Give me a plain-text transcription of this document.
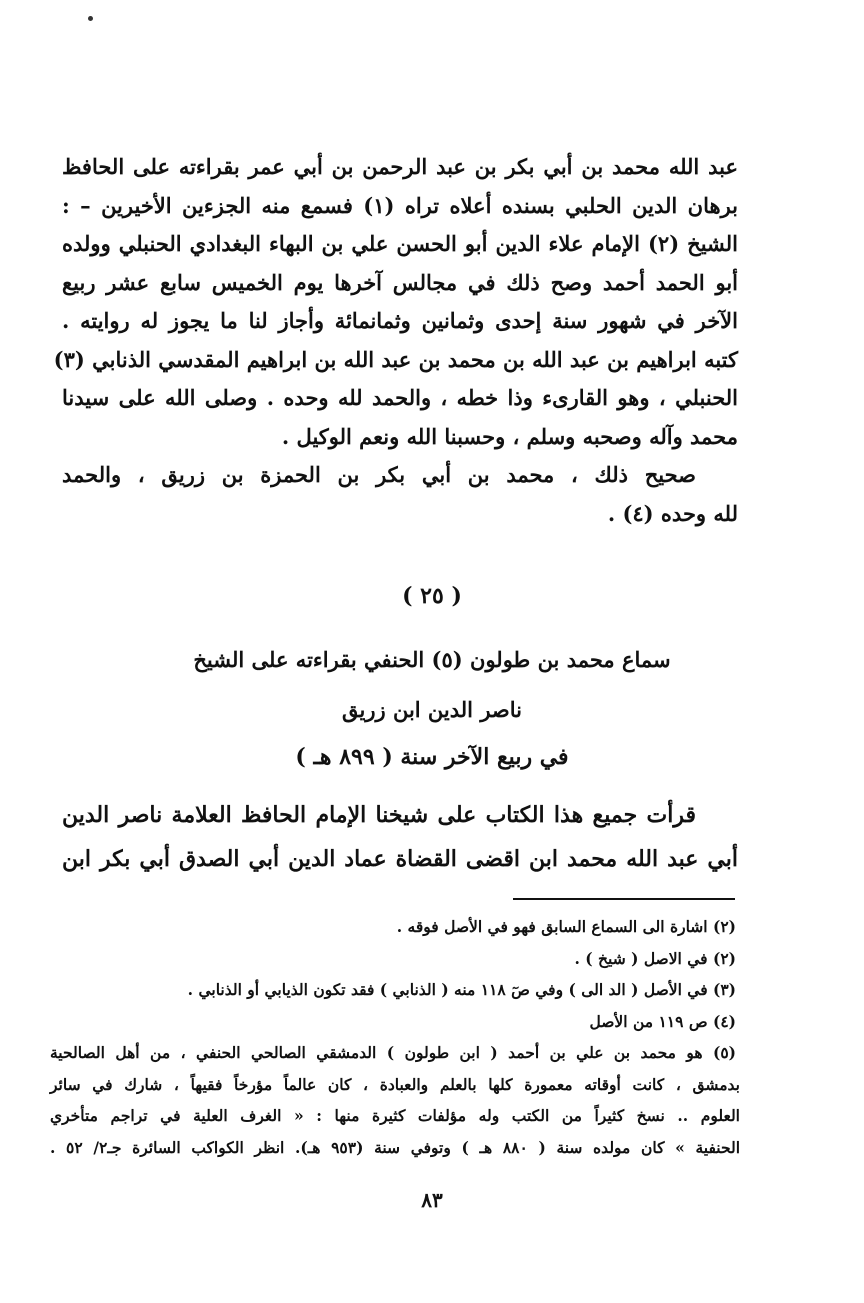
عبد الله محمد بن أبي بكر بن عبد الرحمن بن أبي عمر بقراءته على الحافظ
برهان الدين الحلبي بسنده أعلاه تراه (١) فسمع منه الجزءين الأخيرين – :
الشيخ (٢) الإمام علاء الدين أبو الحسن علي بن البهاء البغدادي الحنبلي وولده
أبو الحمد أحمد وصح ذلك في مجالس آخرها يوم الخميس سابع عشر ربيع
الآخر في شهور سنة إحدى وثمانين وثمانمائة وأجاز لنا ما يجوز له روايته .
كتبه ابراهيم بن عبد الله بن محمد بن عبد الله بن ابراهيم المقدسي الذنابي (٣)
الحنبلي ، وهو القارىء وذا خطه ، والحمد لله وحده . وصلى الله على سيدنا
محمد وآله وصحبه وسلم ، وحسبنا الله ونعم الوكيل .
صحيح ذلك ، محمد بن أبي بكر بن الحمزة بن زريق ، والحمد
لله وحده (٤) .
( ٢٥ )
سماع محمد بن طولون (٥) الحنفي بقراءته على الشيخ
ناصر الدين ابن زريق
في ربيع الآخر سنة ( ٨٩٩ هـ )
قرأت جميع هذا الكتاب على شيخنا الإمام الحافظ العلامة ناصر الدين
أبي عبد الله محمد ابن اقضى القضاة عماد الدين أبي الصدق أبي بكر ابن
(٢) اشارة الى السماع السابق فهو في الأصل فوقه .
(٢) في الاصل ( شيخ ) .
(٣) في الأصل ( الد الى ) وفي صٓ ١١٨ منه ( الذنابي ) فقد تكون الذيابي أو الذنابي .
(٤) ص ١١٩ من الأصل
(٥) هو محمد بن علي بن أحمد ( ابن طولون ) الدمشقي الصالحي الحنفي ، من أهل الصالحية
بدمشق ، كانت أوقاته معمورة كلها بالعلم والعبادة ، كان عالماً مؤرخاً فقيهاً ، شارك في سائر
العلوم .. نسخ كثيراً من الكتب وله مؤلفات كثيرة منها : « الغرف العلية في تراجم متأخري
الحنفية » كان مولده سنة ( ٨٨٠ هـ ) وتوفي سنة (٩٥٣ هـ). انظر الكواكب السائرة جـ٢/ ٥٢ .
٨٣
